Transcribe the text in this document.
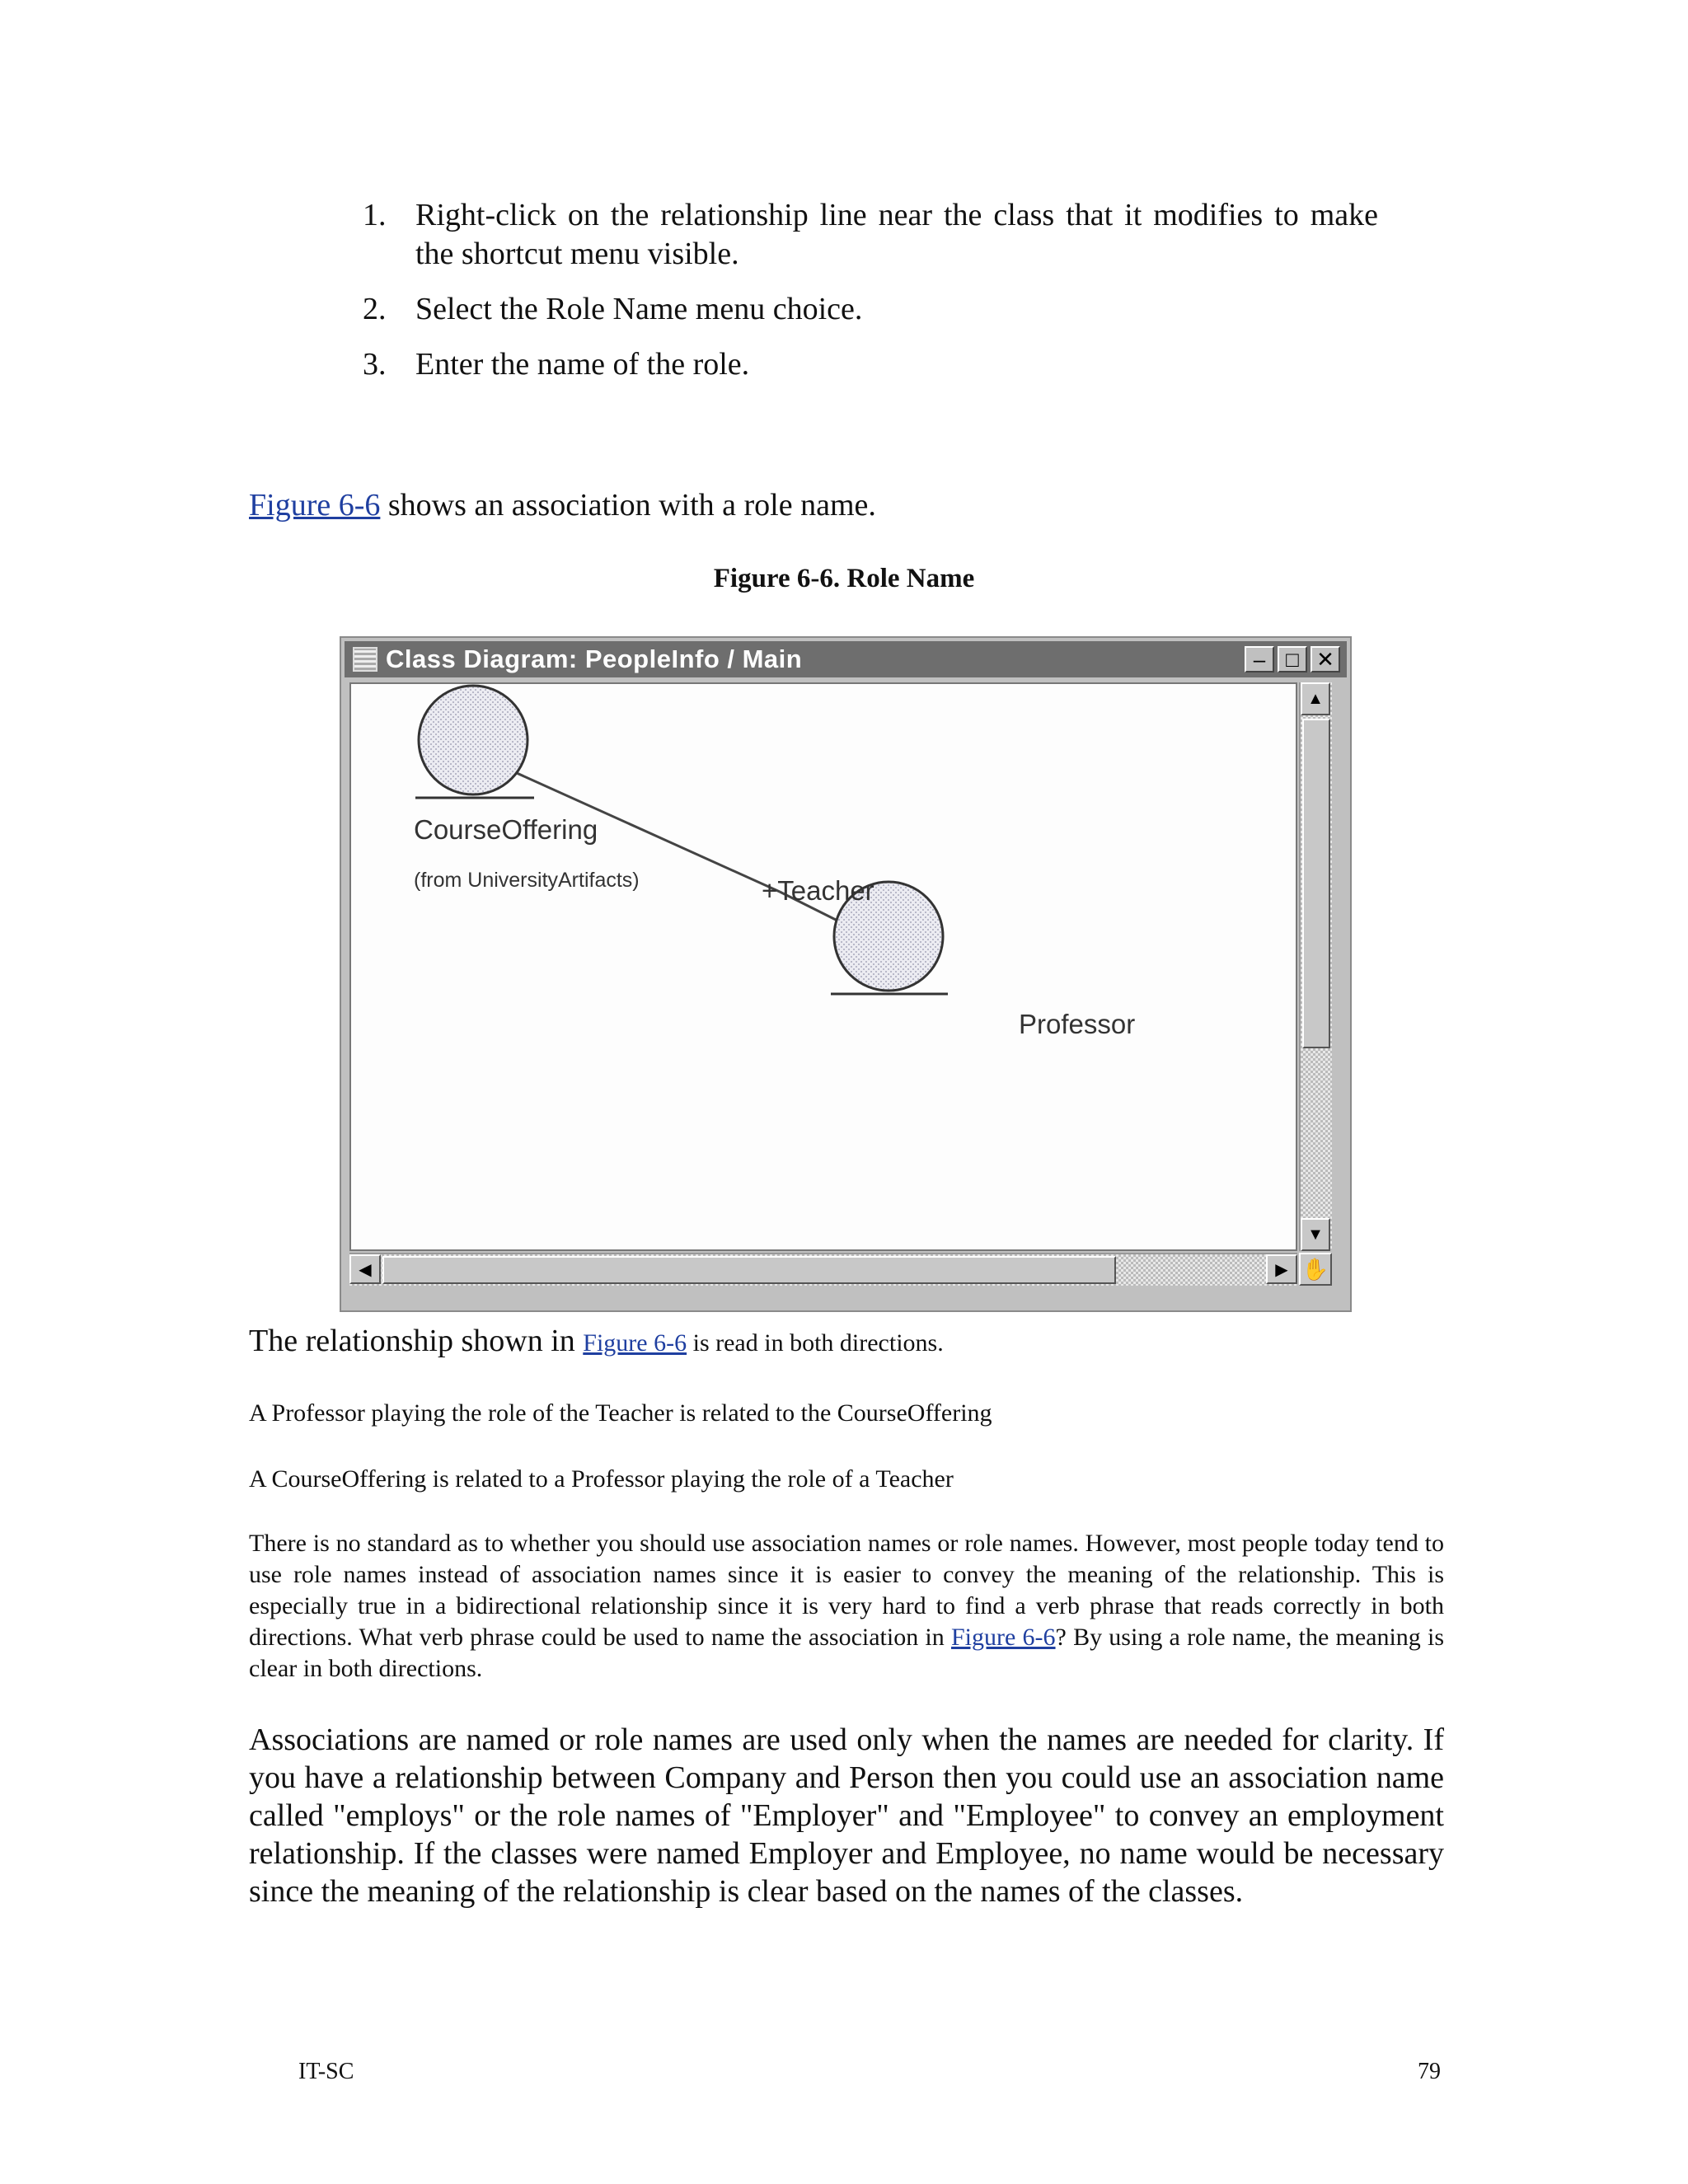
1. Right-click on the relationship line near the class that it modifies to make the shortcut menu visible.
2. Select the Role Name menu choice.
3. Enter the name of the role.

Figure 6-6 shows an association with a role name.

Figure 6-6. Role Name

Class Diagram: PeopleInfo / Main	– □ ✕
CourseOffering
(from UniversityArtifacts)	+Teacher
Professor
▲
▼
◀	▶ ✋

The relationship shown in Figure 6-6 is read in both directions.

A Professor playing the role of the Teacher is related to the CourseOffering

A CourseOffering is related to a Professor playing the role of a Teacher

There is no standard as to whether you should use association names or role names. However, most people today tend to use role names instead of association names since it is easier to convey the meaning of the relationship. This is especially true in a bidirectional relationship since it is very hard to find a verb phrase that reads correctly in both directions. What verb phrase could be used to name the association in Figure 6-6? By using a role name, the meaning is clear in both directions.

Associations are named or role names are used only when the names are needed for clarity. If you have a relationship between Company and Person then you could use an association name called "employs" or the role names of "Employer" and "Employee" to convey an employment relationship. If the classes were named Employer and Employee, no name would be necessary since the meaning of the relationship is clear based on the names of the classes.

IT-SC	79
